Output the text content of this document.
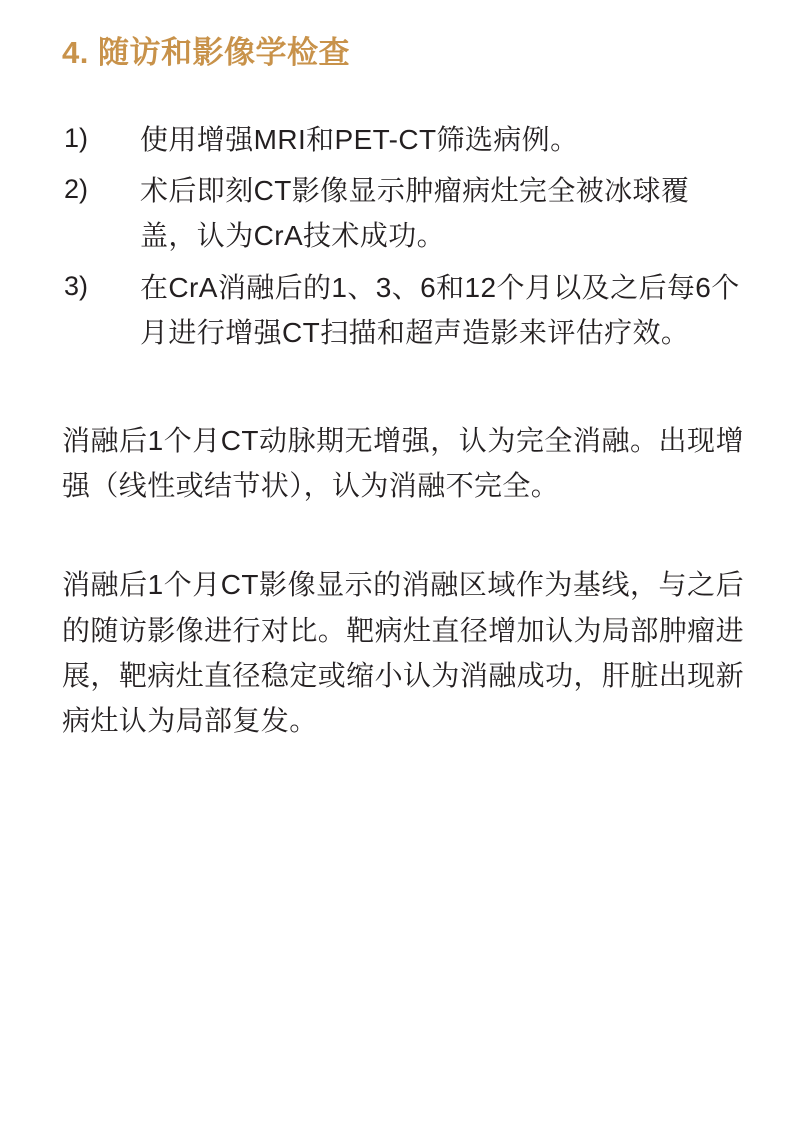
4. 随访和影像学检查
1)	使用增强MRI和PET-CT筛选病例。
2)	术后即刻CT影像显示肿瘤病灶完全被冰球覆盖，认为CrA技术成功。
3)	在CrA消融后的1、3、6和12个月以及之后每6个月进行增强CT扫描和超声造影来评估疗效。

消融后1个月CT动脉期无增强，认为完全消融。出现增强（线性或结节状），认为消融不完全。

消融后1个月CT影像显示的消融区域作为基线，与之后的随访影像进行对比。靶病灶直径增加认为局部肿瘤进展，靶病灶直径稳定或缩小认为消融成功，肝脏出现新病灶认为局部复发。
